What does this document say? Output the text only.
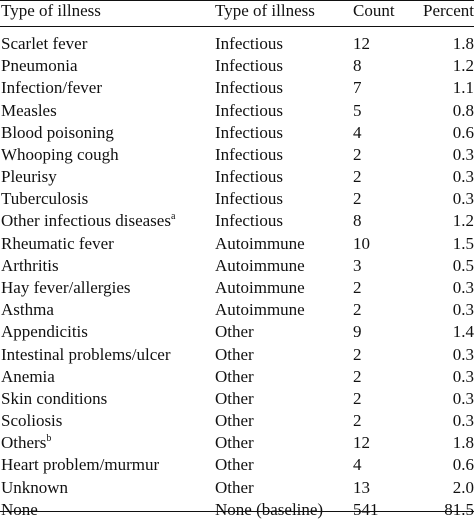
Type of illness	Type of illness Count	Percent
Scarlet fever	Infectious	12	1.8
Pneumonia	Infectious	8	1.2
Infection/fever	Infectious	7	1.1
Measles	Infectious	5	0.8
Blood poisoning	Infectious	4	0.6
Whooping cough	Infectious	2	0.3
Pleurisy	Infectious	2	0.3
Tuberculosis	Infectious	2	0.3
Other infectious diseases$^a$ Infectious	8	1.2
Rheumatic fever	Autoimmune	10	1.5
Arthritis	Autoimmune	3	0.5
Hay fever/allergies	Autoimmune	2	0.3
Asthma	Autoimmune	2	0.3
Appendicitis	Other	9	1.4
Intestinal problems/ulcer	Other	2	0.3
Anemia	Other	2	0.3
Skin conditions	Other	2	0.3
Scoliosis	Other	2	0.3
Others$^b$	Other	12	1.8
Heart problem/murmur	Other	4	0.6
Unknown	Other	13	2.0
None	None (baseline) 541	81.5
